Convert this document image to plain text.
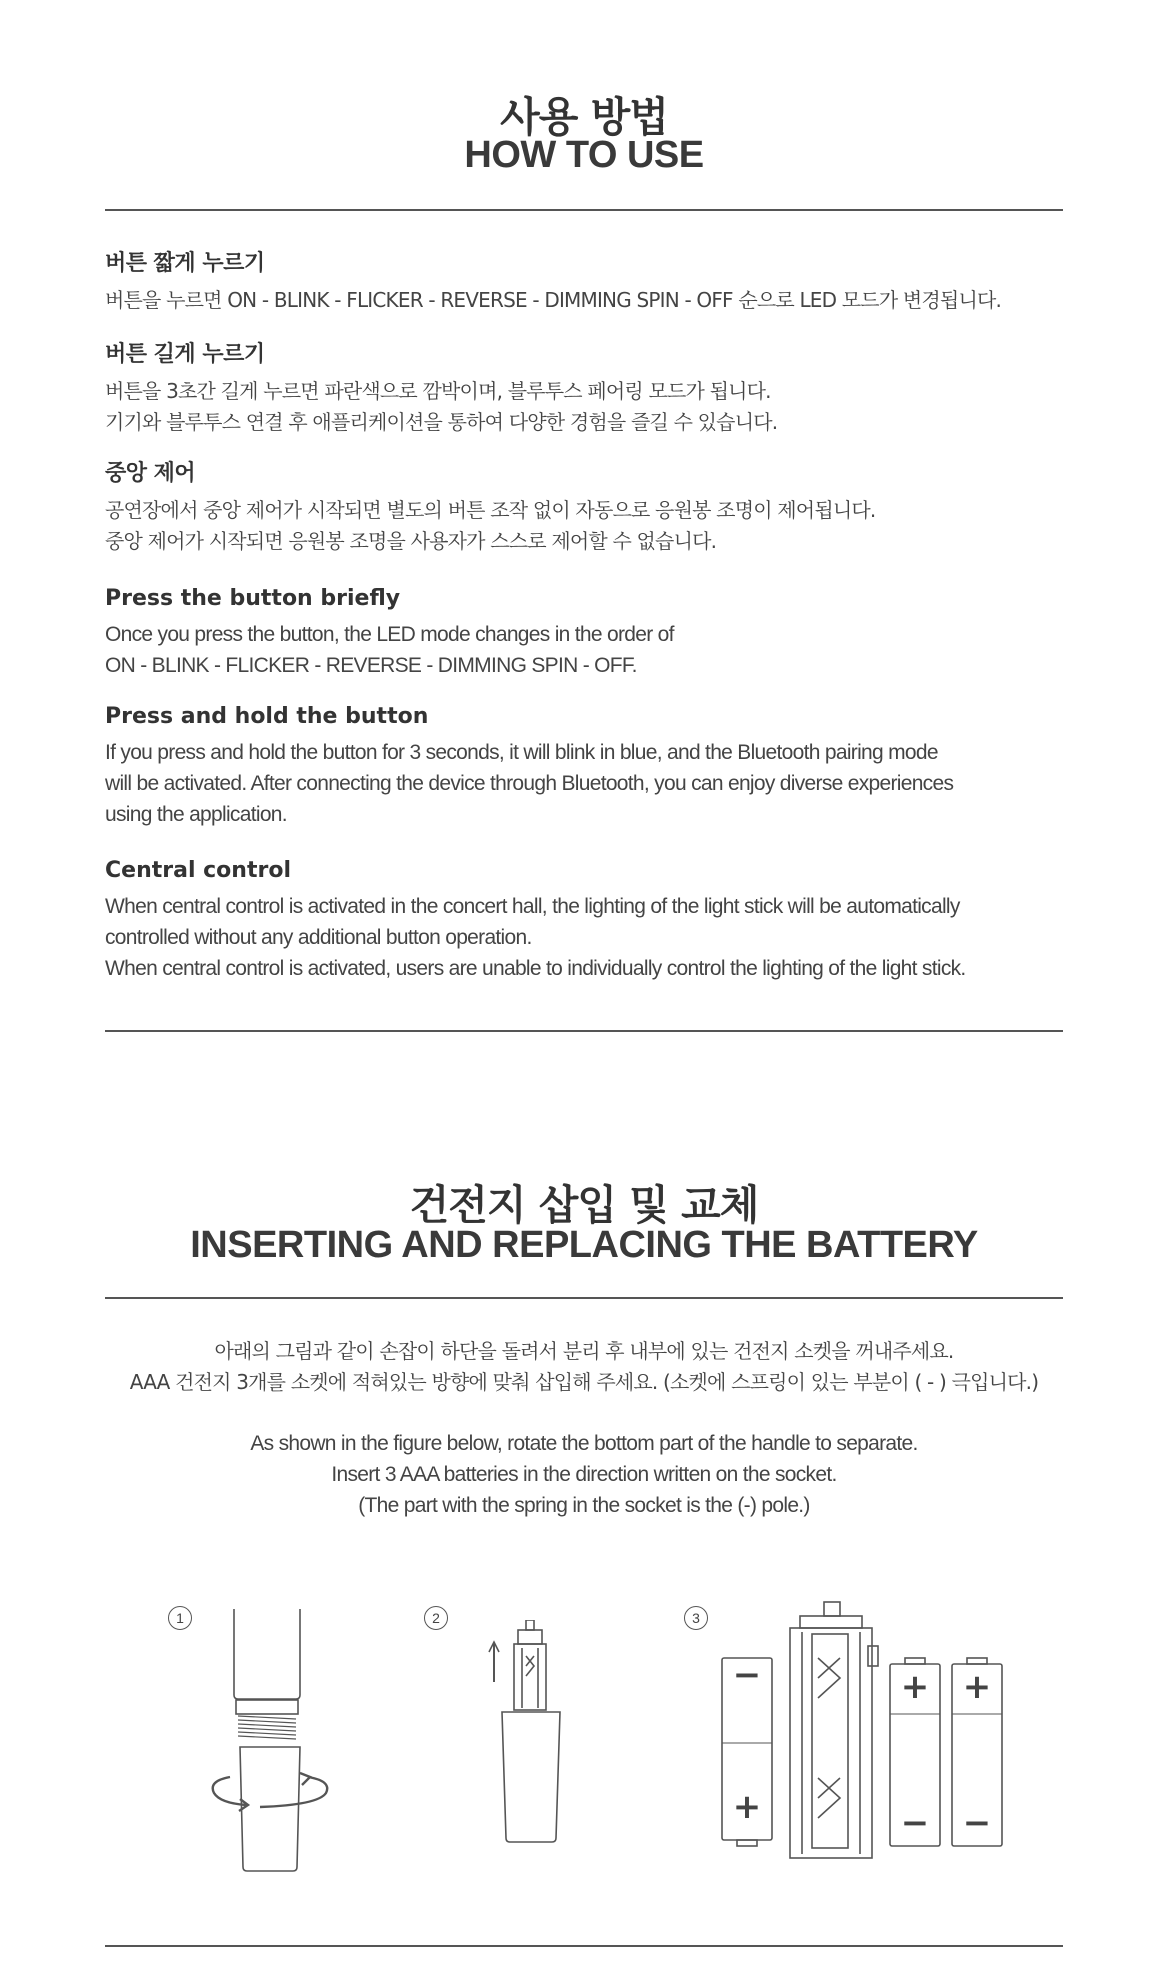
사용 방법
HOW TO USE
버튼 짧게 누르기
버튼을 누르면 ON - BLINK - FLICKER - REVERSE - DIMMING SPIN - OFF 순으로 LED 모드가 변경됩니다.
버튼 길게 누르기
버튼을 3초간 길게 누르면 파란색으로 깜박이며, 블루투스 페어링 모드가 됩니다.
기기와 블루투스 연결 후 애플리케이션을 통하여 다양한 경험을 즐길 수 있습니다.
중앙 제어
공연장에서 중앙 제어가 시작되면 별도의 버튼 조작 없이 자동으로 응원봉 조명이 제어됩니다.
중앙 제어가 시작되면 응원봉 조명을 사용자가 스스로 제어할 수 없습니다.
Press the button briefly
Once you press the button, the LED mode changes in the order of
ON - BLINK - FLICKER - REVERSE - DIMMING SPIN - OFF.
Press and hold the button
If you press and hold the button for 3 seconds, it will blink in blue, and the Bluetooth pairing mode
will be activated. After connecting the device through Bluetooth, you can enjoy diverse experiences
using the application.
Central control
When central control is activated in the concert hall, the lighting of the light stick will be automatically
controlled without any additional button operation.
When central control is activated, users are unable to individually control the lighting of the light stick.
건전지 삽입 및 교체
INSERTING AND REPLACING THE BATTERY
아래의 그림과 같이 손잡이 하단을 돌려서 분리 후 내부에 있는 건전지 소켓을 꺼내주세요.
AAA 건전지 3개를 소켓에 적혀있는 방향에 맞춰 삽입해 주세요. (소켓에 스프링이 있는 부분이 ( - ) 극입니다.)
As shown in the figure below, rotate the bottom part of the handle to separate.
Insert 3 AAA batteries in the direction written on the socket.
(The part with the spring in the socket is the (-) pole.)
1	2	3
−
+
+
−
+
−
